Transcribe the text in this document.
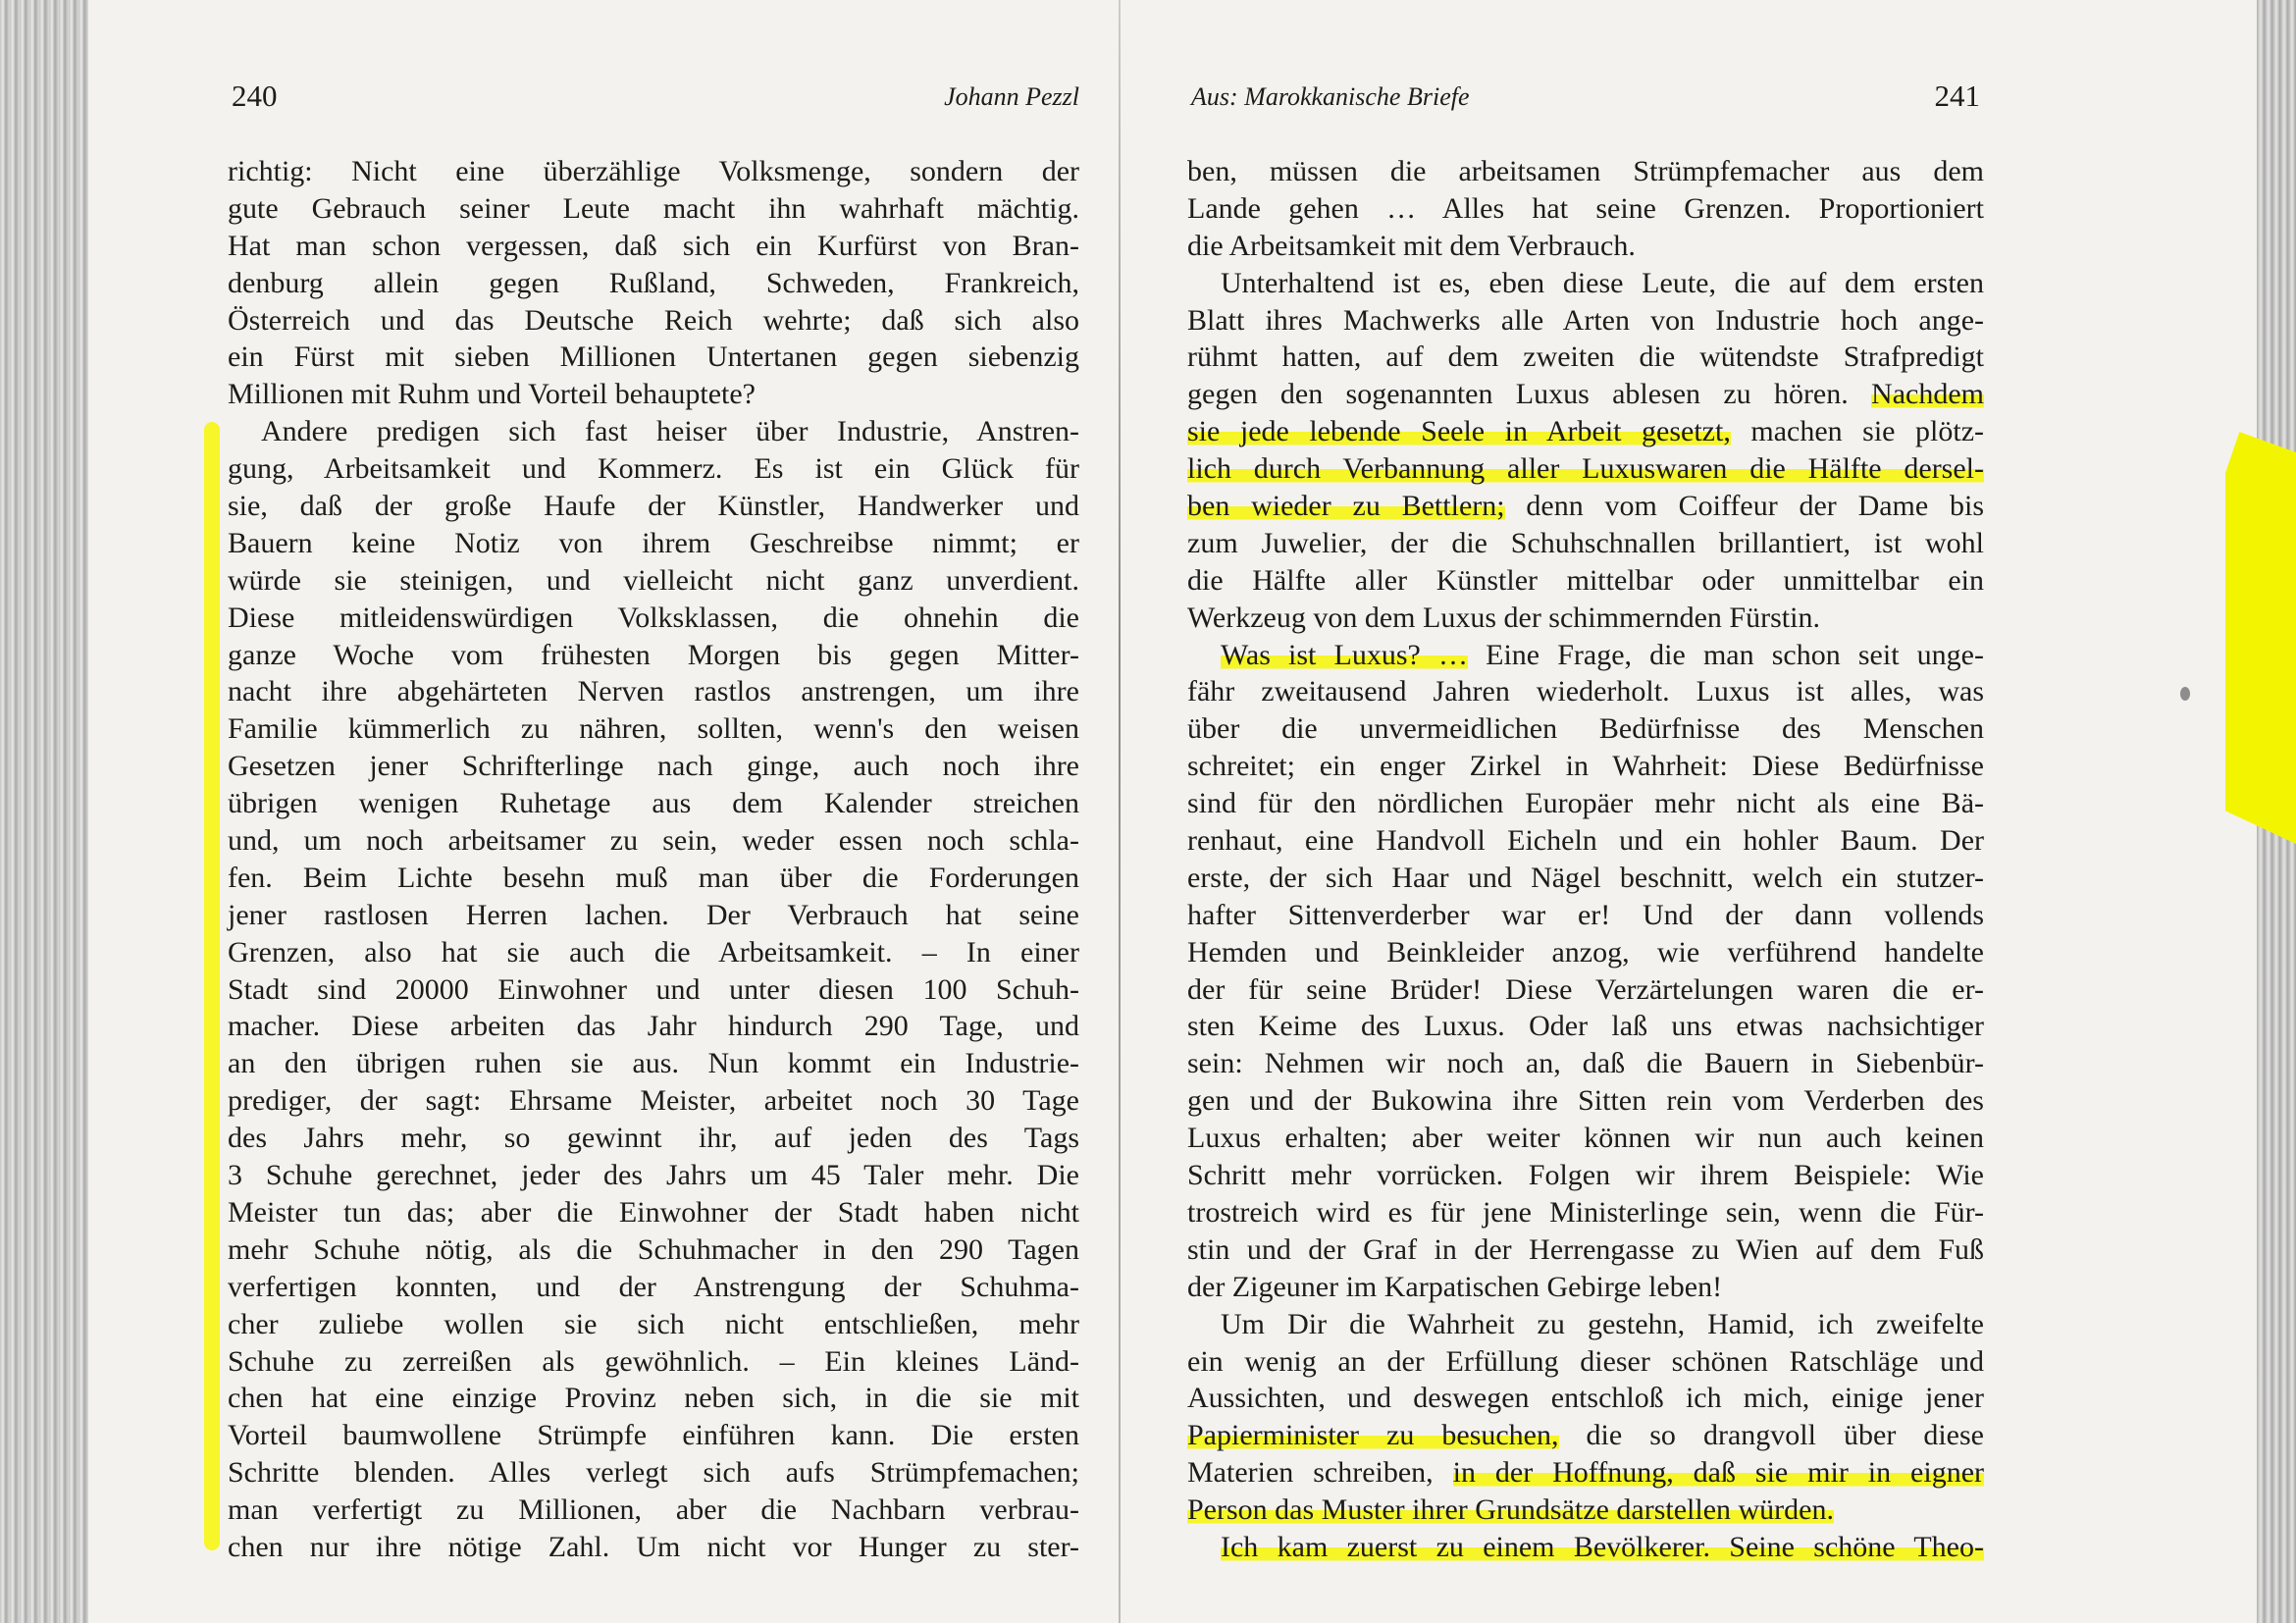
240	Johann Pezzl
richtig: Nicht eine überzählige Volksmenge, sondern der
gute Gebrauch seiner Leute macht ihn wahrhaft mächtig.
Hat man schon vergessen, daß sich ein Kurfürst von Bran-
denburg allein gegen Rußland, Schweden, Frankreich,
Österreich und das Deutsche Reich wehrte; daß sich also
ein Fürst mit sieben Millionen Untertanen gegen siebenzig
Millionen mit Ruhm und Vorteil behauptete?
Andere predigen sich fast heiser über Industrie, Anstren-
gung, Arbeitsamkeit und Kommerz. Es ist ein Glück für
sie, daß der große Haufe der Künstler, Handwerker und
Bauern keine Notiz von ihrem Geschreibse nimmt; er
würde sie steinigen, und vielleicht nicht ganz unverdient.
Diese mitleidenswürdigen Volksklassen, die ohnehin die
ganze Woche vom frühesten Morgen bis gegen Mitter-
nacht ihre abgehärteten Nerven rastlos anstrengen, um ihre
Familie kümmerlich zu nähren, sollten, wenn's den weisen
Gesetzen jener Schrifterlinge nach ginge, auch noch ihre
übrigen wenigen Ruhetage aus dem Kalender streichen
und, um noch arbeitsamer zu sein, weder essen noch schla-
fen. Beim Lichte besehn muß man über die Forderungen
jener rastlosen Herren lachen. Der Verbrauch hat seine
Grenzen, also hat sie auch die Arbeitsamkeit. – In einer
Stadt sind 20000 Einwohner und unter diesen 100 Schuh-
macher. Diese arbeiten das Jahr hindurch 290 Tage, und
an den übrigen ruhen sie aus. Nun kommt ein Industrie-
prediger, der sagt: Ehrsame Meister, arbeitet noch 30 Tage
des Jahrs mehr, so gewinnt ihr, auf jeden des Tags
3 Schuhe gerechnet, jeder des Jahrs um 45 Taler mehr. Die
Meister tun das; aber die Einwohner der Stadt haben nicht
mehr Schuhe nötig, als die Schuhmacher in den 290 Tagen
verfertigen konnten, und der Anstrengung der Schuhma-
cher zuliebe wollen sie sich nicht entschließen, mehr
Schuhe zu zerreißen als gewöhnlich. – Ein kleines Länd-
chen hat eine einzige Provinz neben sich, in die sie mit
Vorteil baumwollene Strümpfe einführen kann. Die ersten
Schritte blenden. Alles verlegt sich aufs Strümpfemachen;
man verfertigt zu Millionen, aber die Nachbarn verbrau-
chen nur ihre nötige Zahl. Um nicht vor Hunger zu ster-
Aus: Marokkanische Briefe	241
ben, müssen die arbeitsamen Strümpfemacher aus dem
Lande gehen … Alles hat seine Grenzen. Proportioniert
die Arbeitsamkeit mit dem Verbrauch.
Unterhaltend ist es, eben diese Leute, die auf dem ersten
Blatt ihres Machwerks alle Arten von Industrie hoch ange-
rühmt hatten, auf dem zweiten die wütendste Strafpredigt
gegen den sogenannten Luxus ablesen zu hören. Nachdem
sie jede lebende Seele in Arbeit gesetzt, machen sie plötz-
lich durch Verbannung aller Luxuswaren die Hälfte dersel-
ben wieder zu Bettlern; denn vom Coiffeur der Dame bis
zum Juwelier, der die Schuhschnallen brillantiert, ist wohl
die Hälfte aller Künstler mittelbar oder unmittelbar ein
Werkzeug von dem Luxus der schimmernden Fürstin.
Was ist Luxus? … Eine Frage, die man schon seit unge-
fähr zweitausend Jahren wiederholt. Luxus ist alles, was
über die unvermeidlichen Bedürfnisse des Menschen
schreitet; ein enger Zirkel in Wahrheit: Diese Bedürfnisse
sind für den nördlichen Europäer mehr nicht als eine Bä-
renhaut, eine Handvoll Eicheln und ein hohler Baum. Der
erste, der sich Haar und Nägel beschnitt, welch ein stutzer-
hafter Sittenverderber war er! Und der dann vollends
Hemden und Beinkleider anzog, wie verführend handelte
der für seine Brüder! Diese Verzärtelungen waren die er-
sten Keime des Luxus. Oder laß uns etwas nachsichtiger
sein: Nehmen wir noch an, daß die Bauern in Siebenbür-
gen und der Bukowina ihre Sitten rein vom Verderben des
Luxus erhalten; aber weiter können wir nun auch keinen
Schritt mehr vorrücken. Folgen wir ihrem Beispiele: Wie
trostreich wird es für jene Ministerlinge sein, wenn die Für-
stin und der Graf in der Herrengasse zu Wien auf dem Fuß
der Zigeuner im Karpatischen Gebirge leben!
Um Dir die Wahrheit zu gestehn, Hamid, ich zweifelte
ein wenig an der Erfüllung dieser schönen Ratschläge und
Aussichten, und deswegen entschloß ich mich, einige jener
Papierminister zu besuchen, die so drangvoll über diese
Materien schreiben, in der Hoffnung, daß sie mir in eigner
Person das Muster ihrer Grundsätze darstellen würden.
Ich kam zuerst zu einem Bevölkerer. Seine schöne Theo-
